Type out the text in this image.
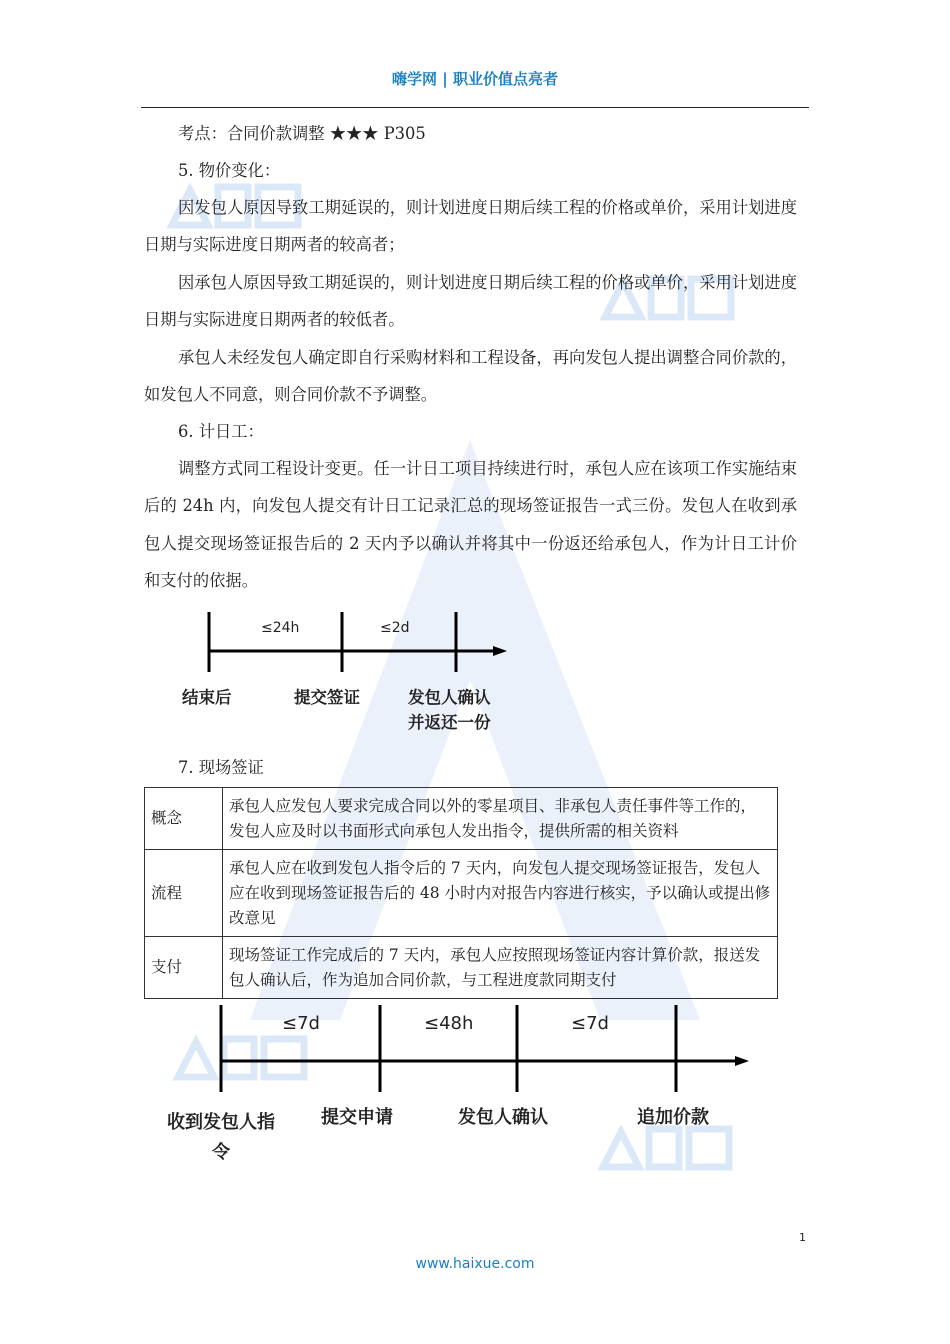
嗨学网 | 职业价值点亮者
考点：合同价款调整 ★★★ P305
5. 物价变化：
因发包人原因导致工期延误的，则计划进度日期后续工程的价格或单价，采用计划进度日期与实际进度日期两者的较高者；
因承包人原因导致工期延误的，则计划进度日期后续工程的价格或单价，采用计划进度日期与实际进度日期两者的较低者。
承包人未经发包人确定即自行采购材料和工程设备，再向发包人提出调整合同价款的，如发包人不同意，则合同价款不予调整。
6. 计日工：
调整方式同工程设计变更。任一计日工项目持续进行时，承包人应在该项工作实施结束后的 24h 内，向发包人提交有计日工记录汇总的现场签证报告一式三份。发包人在收到承包人提交现场签证报告后的 2 天内予以确认并将其中一份返还给承包人，作为计日工计价和支付的依据。
≤24h	≤2d
结束后	提交签证	发包人确认
并返还一份
7. 现场签证
概念	承包人应发包人要求完成合同以外的零星项目、非承包人责任事件等工作的，发包人应及时以书面形式向承包人发出指令，提供所需的相关资料
流程	承包人应在收到发包人指令后的 7 天内，向发包人提交现场签证报告，发包人应在收到现场签证报告后的 48 小时内对报告内容进行核实，予以确认或提出修改意见
支付	现场签证工作完成后的 7 天内，承包人应按照现场签证内容计算价款，报送发包人确认后，作为追加合同价款，与工程进度款同期支付
≤7d	≤48h	≤7d
收到发包人指令
提交申请	发包人确认	追加价款
1
www.haixue.com
